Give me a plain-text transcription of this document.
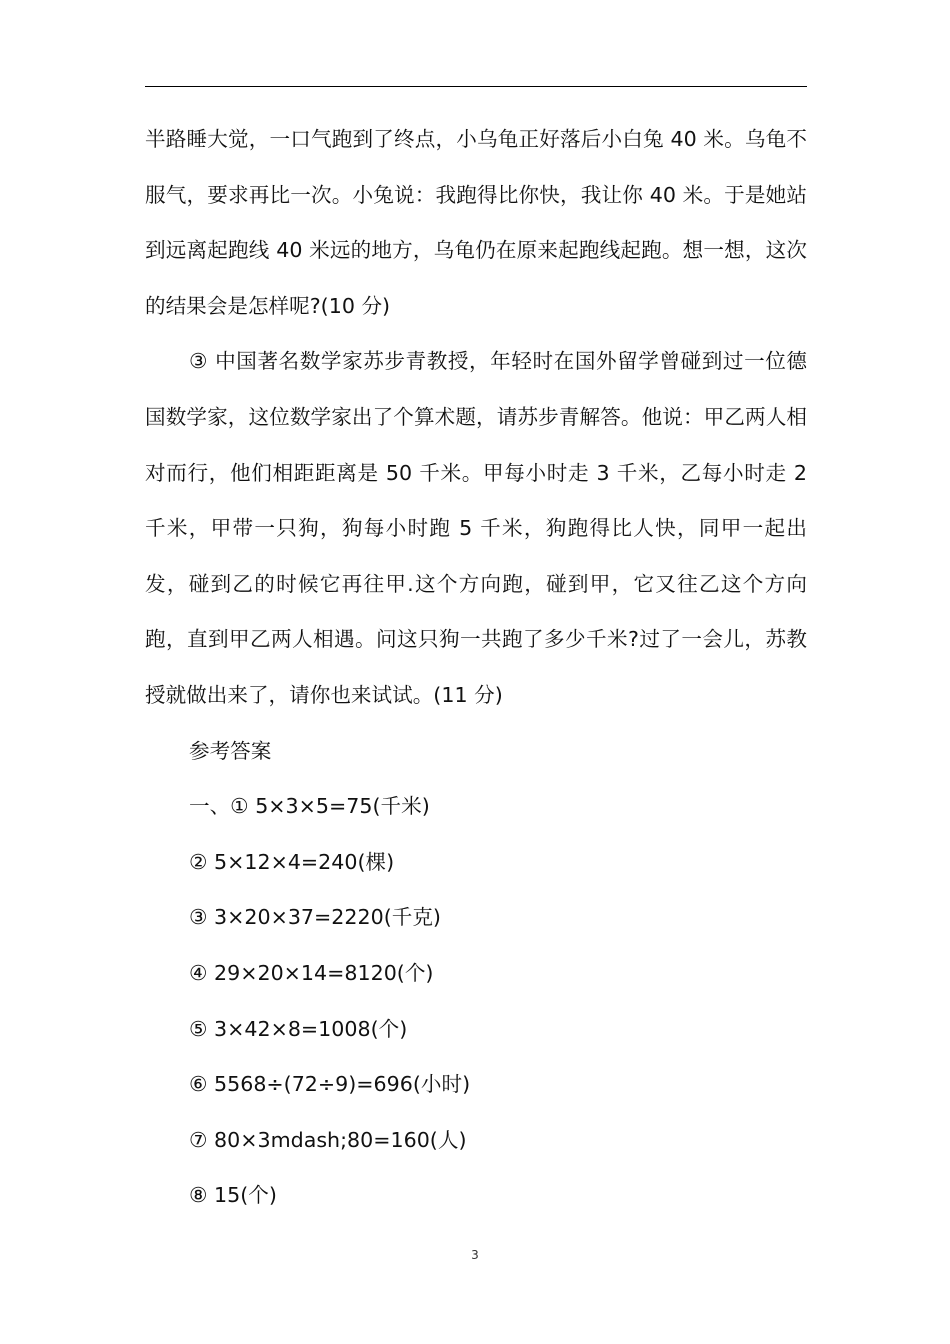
半路睡大觉，一口气跑到了终点，小乌龟正好落后小白兔 40 米。乌龟不服气，要求再比一次。小兔说：我跑得比你快，我让你 40 米。于是她站到远离起跑线 40 米远的地方，乌龟仍在原来起跑线起跑。想一想，这次的结果会是怎样呢?(10 分)

③ 中国著名数学家苏步青教授，年轻时在国外留学曾碰到过一位德国数学家，这位数学家出了个算术题，请苏步青解答。他说：甲乙两人相对而行，他们相距距离是 50 千米。甲每小时走 3 千米，乙每小时走 2 千米，甲带一只狗，狗每小时跑 5 千米，狗跑得比人快，同甲一起出发，碰到乙的时候它再往甲.这个方向跑，碰到甲，它又往乙这个方向跑，直到甲乙两人相遇。问这只狗一共跑了多少千米?过了一会儿，苏教授就做出来了，请你也来试试。(11 分)

参考答案

一、① 5×3×5=75(千米)

② 5×12×4=240(棵)

③ 3×20×37=2220(千克)

④ 29×20×14=8120(个)

⑤ 3×42×8=1008(个)

⑥ 5568÷(72÷9)=696(小时)

⑦ 80×3mdash;80=160(人)

⑧ 15(个)

3
